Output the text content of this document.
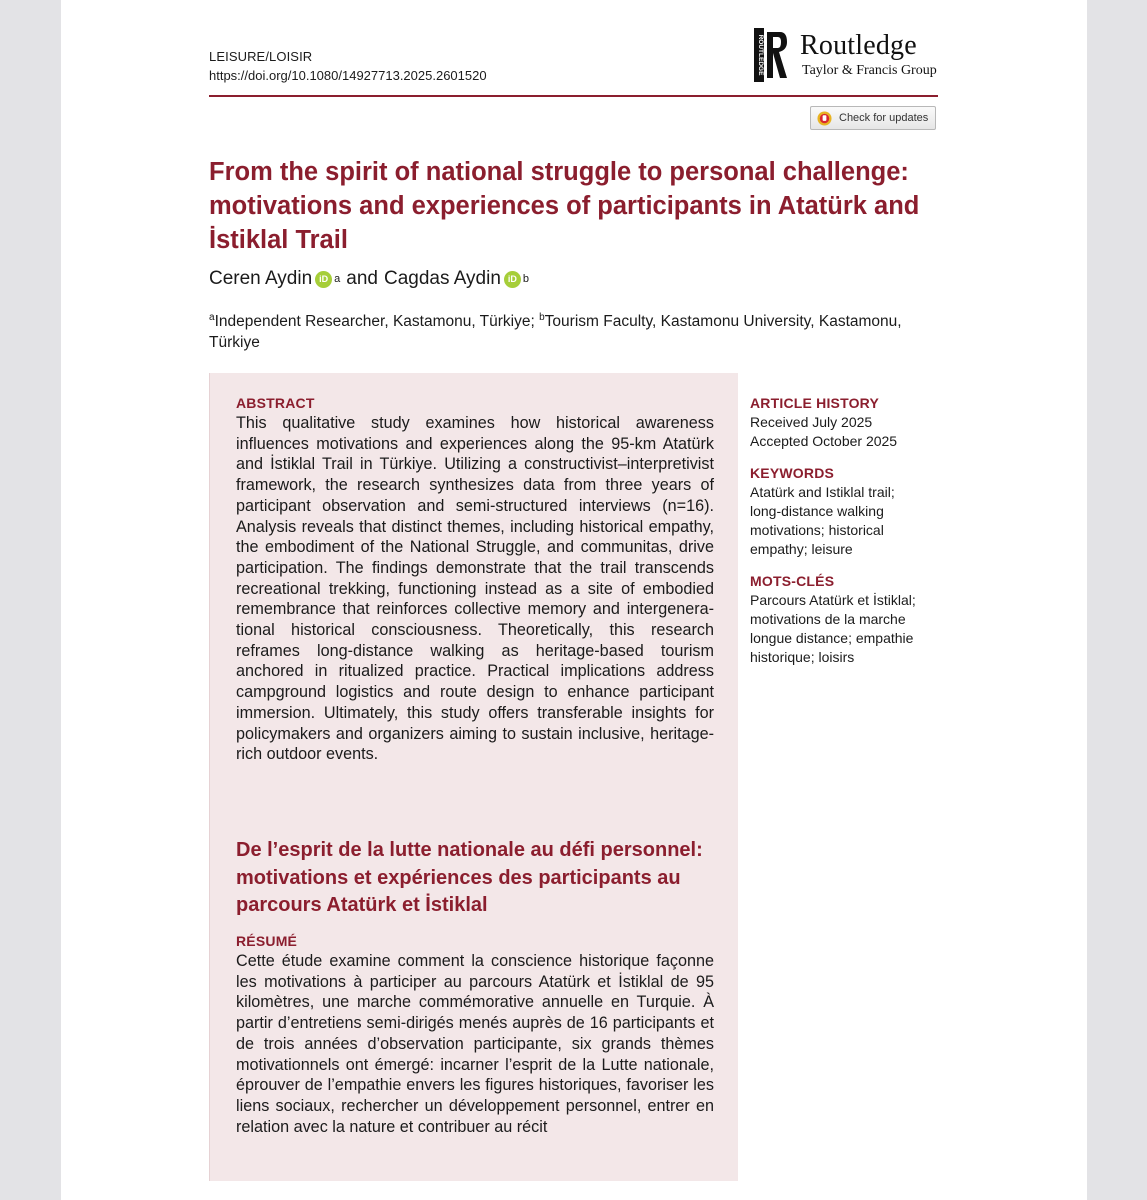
LEISURE/LOISIR
https://doi.org/10.1080/14927713.2025.2601520
ROUTLEDGE Routledge
Taylor & Francis Group
Check for updates
From the spirit of national struggle to personal challenge: motivations and experiences of participants in Atatürk and İstiklal Trail
Ceren Aydin iD a and Cagdas Aydin iD b
$^a$Independent Researcher, Kastamonu, Türkiye; $^b$Tourism Faculty, Kastamonu University, Kastamonu, Türkiye
ABSTRACT

This qualitative study examines how historical awareness influences motivations and experiences along the 95-km Atatürk and İstiklal Trail in Türkiye. Utilizing a constructivist–interpretivist framework, the research synthesizes data from three years of participant observation and semi-structured interviews (n=16). Analysis reveals that distinct themes, including historical empathy, the embodiment of the National Struggle, and communitas, drive participation. The findings demonstrate that the trail transcends recreational trekking, functioning instead as a site of embodied remembrance that reinforces collective memory and intergenerational historical consciousness. Theoretically, this research reframes long-distance walking as heritage-based tourism anchored in ritualized practice. Practical implications address campground logistics and route design to enhance participant immersion. Ultimately, this study offers transferable insights for policymakers and organizers aiming to sustain inclusive, heritage-rich outdoor events.

De l’esprit de la lutte nationale au défi personnel: motivations et expériences des participants au parcours Atatürk et İstiklal
RÉSUMÉ

Cette étude examine comment la conscience historique façonne les motivations à participer au parcours Atatürk et İstiklal de 95 kilomètres, une marche commémorative annuelle en Turquie. À partir d’entretiens semi-dirigés menés auprès de 16 participants et de trois années d’observation participante, six grands thèmes motivationnels ont émergé: incarner l’esprit de la Lutte nationale, éprouver de l’empathie envers les figures historiques, favoriser les liens sociaux, rechercher un développement personnel, entrer en relation avec la nature et contribuer au récit

ARTICLE HISTORY
Received July 2025
Accepted October 2025
KEYWORDS
Atatürk and Istiklal trail;
long-distance walking
motivations; historical
empathy; leisure
MOTS-CLÉS
Parcours Atatürk et İstiklal;
motivations de la marche
longue distance; empathie
historique; loisirs
